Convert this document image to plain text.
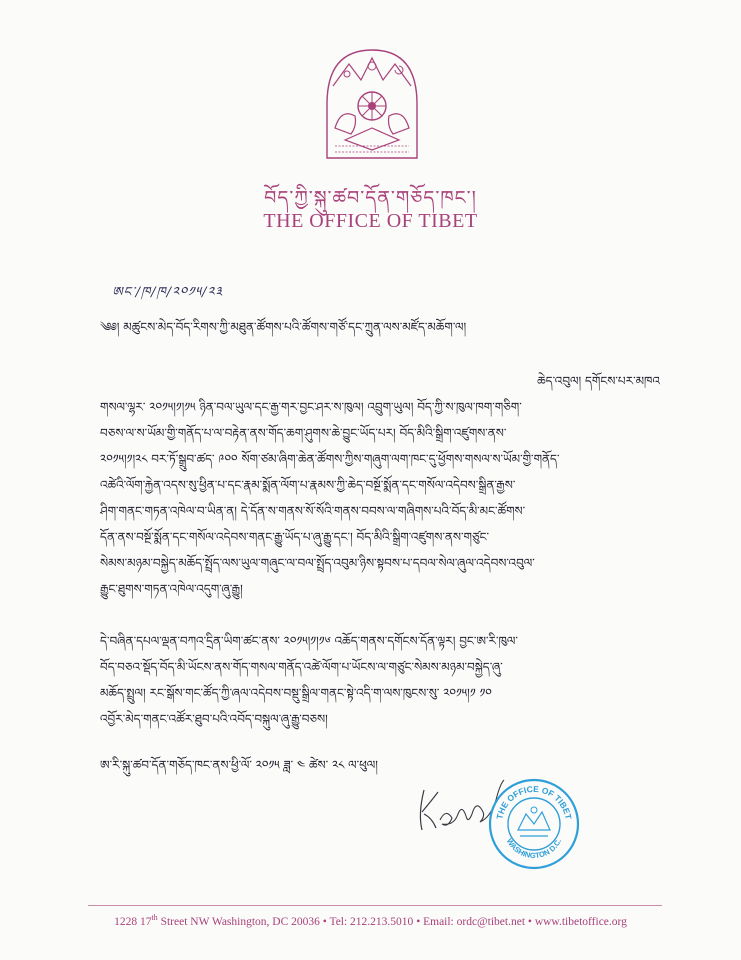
བོད་ཀྱི་སྐུ་ཚབ་དོན་གཅོད་ཁང་།
THE OFFICE OF TIBET
ཨང་/ཁ/ཁ/༢༠༡༥/༢༣
༄༅། མཚུངས་མེད་བོད་རིགས་ཀྱི་མཐུན་ཚོགས་པའི་ཚོགས་གཙོ་དང་ཀྲུན་ལས་མཛོད་མཆོག་ལ།
ཆེད་འབུལ། དགོངས་པར་མཁའ
གསལ་ལྷར་ ༢༠༡༥།༡།༡༥ ཉིན་བལ་ཡུལ་དང་རྒྱ་གར་བྱང་ཤར་ས་ཁུལ། འབྲུག་ཡུལ། བོད་ཀྱི་ས་ཁུལ་ཁག་གཅིག་
བཅས་ལ་ས་ཡོམ་གྱི་གནོད་པ་ལ་བརྟེན་ནས་གོད་ཆག་ཤུགས་ཆེ་བྱུང་ཡོད་པར། བོད་མིའི་སྒྲིག་འཛུགས་ནས་
༢༠༡༥།༡།༢༨ བར་ཏོ་སྒྲུབ་ཚད་ ༩༠༠ སོག་ཙམ་ཞིག་ཆེན་ཚོགས་ཀྱིས་གཞུག་ལག་ཁང་དུ་ཕྱོགས་གསལ་ས་ཡོམ་གྱི་གནོད་
འཚེའི་ལོག་རྐྱེན་འདས་སུ་ཕྱིན་པ་དང་རྣམ་སྨོན་ལོག་པ་རྣམས་ཀྱི་ཆེད་བསྔོ་སྨོན་དང་གསོལ་འདེབས་སྒྲིན་རྒྱས་
ཤིག་གནང་གཏན་འཁེལ་བ་ཡིན་ན། དེ་དོན་ས་གནས་སོ་སོའི་གནས་བབས་ལ་གཞིགས་པའི་བོད་མི་མང་ཚོགས་
དོན་ནས་བསྔོ་སྨོན་དང་གསོལ་འདེབས་གནང་རྒྱུ་ཡོད་པ་ཞུ་རྒྱུ་དང་། བོད་མིའི་སྒྲིག་འཛུགས་ནས་གཙུང་
སེམས་མཉམ་བསྐྱེད་མཆོད་སྤྲོད་ལས་ཡུལ་གཞུང་ལ་བལ་སྤྲོད་འབུམ་ཉིས་སྟབས་པ་དབལ་སེལ་ཞུལ་འདེབས་འབུལ་
རྒྱུང་ཐུགས་གཏན་འཁེལ་འདུག་ཞུ་རྒྱུ།
དེ་བཞིན་དཔལ་ལྡན་བཀའ་དྲིན་ཡིག་ཚང་ནས་ ༢༠༡༥།༡།༡༦ འཆོད་གནས་དགོངས་དོན་ལྟར། བྱང་ཨ་རི་ཁུལ་
བོད་བཅའ་སྡོད་བོད་མི་ཡོངས་ནས་གོད་གསལ་གནོད་འཚེ་ལོག་པ་ཡོངས་ལ་གཙུང་སེམས་མཉམ་བསྐྱེད་ཞུ་
མཆོད་སྤྲུལ། རང་སྒོས་གང་ཚོད་ཀྱི་ཞལ་འདེབས་བསྡུ་སྒྲིལ་གནང་སྟེ་འདི་ག་ལས་ཁུངས་སུ་ ༢༠༡༥།༡ ༡༠
འབྱོར་མེད་གནང་འཚོར་ཐུབ་པའི་འབོད་བསྐུལ་ཞུ་རྒྱུ་བཅས།
ཨ་རི་སྐུ་ཚབ་དོན་གཅོད་ཁང་ནས་ཕྱི་ལོ་ ༢༠༡༥ ཟླ་ ༤ ཚེས་ ༢༨ ལ་ཕུལ།
THE OFFICE OF TIBET
WASHINGTON D.C.
1228 17th Street NW Washington, DC 20036 • Tel: 212.213.5010 • Email: ordc@tibet.net • www.tibetoffice.org
